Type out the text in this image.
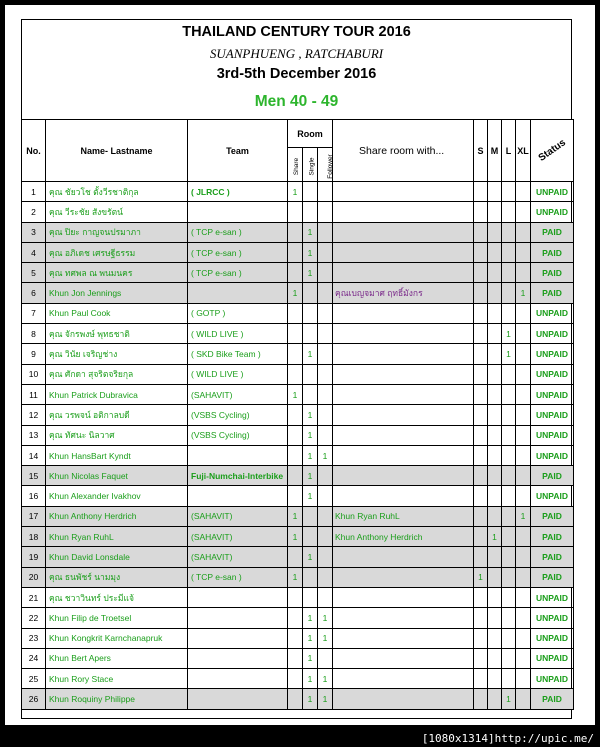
THAILAND CENTURY TOUR 2016
SUANPHUENG , RATCHABURI
3rd-5th December 2016
Men 40 - 49
No.	Name- Lastname	Team	Room			Share room with...	S	M	L	XL	Status
			Share	Single	Follower						
1	คุณ ชัยวโช ตั้งวีรชาติกุล	( JLRCC )	1								UNPAID
2	คุณ วีระชัย สังขรัตน์										UNPAID
3	คุณ ปิยะ กาญจนปรมาภา	( TCP e-san )		1							PAID
4	คุณ อภิเดช เศรษฐีธรรม	( TCP e-san )		1							PAID
5	คุณ ทศพล ณ พนมนคร	( TCP e-san )		1							PAID
6	Khun Jon Jennings		1			คุณเบญจมาศ ฤทธิ์มังกร				1	PAID
7	Khun Paul Cook	( GOTP )									UNPAID
8	คุณ จักรพงษ์ พุทธชาติ	( WILD LIVE )							1		UNPAID
9	คุณ วินัย เจริญช่าง	( SKD Bike Team )		1					1		UNPAID
10	คุณ ศักดา สุจริตจริยกุล	( WILD LIVE )									UNPAID
11	Khun Patrick Dubravica	(SAHAVIT)	1								UNPAID
12	คุณ วรพจน์ อติกาลบดี	(VSBS Cycling)		1							UNPAID
13	คุณ ทัศนะ นิลวาศ	(VSBS Cycling)		1							UNPAID
14	Khun HansBart Kyndt			1	1						UNPAID
15	Khun Nicolas Faquet	Fuji-Numchai-Interbike		1							PAID
16	Khun Alexander Ivakhov			1							UNPAID
17	Khun Anthony Herdrich	(SAHAVIT)	1			Khun Ryan RuhL				1	PAID
18	Khun Ryan RuhL	(SAHAVIT)	1			Khun Anthony Herdrich		1			PAID
19	Khun David Lonsdale	(SAHAVIT)		1							PAID
20	คุณ ธนพัชร์ นามมุง	( TCP e-san )	1				1				PAID
21	คุณ ชวาวินทร์ ประมีแจ้										UNPAID
22	Khun Filip de Troetsel			1	1						UNPAID
23	Khun Kongkrit Karnchanapruk			1	1						UNPAID
24	Khun Bert Apers			1							UNPAID
25	Khun Rory Stace			1	1						UNPAID
26	Khun Roquiny Philippe			1	1				1		PAID
[1080x1314]http://upic.me/
